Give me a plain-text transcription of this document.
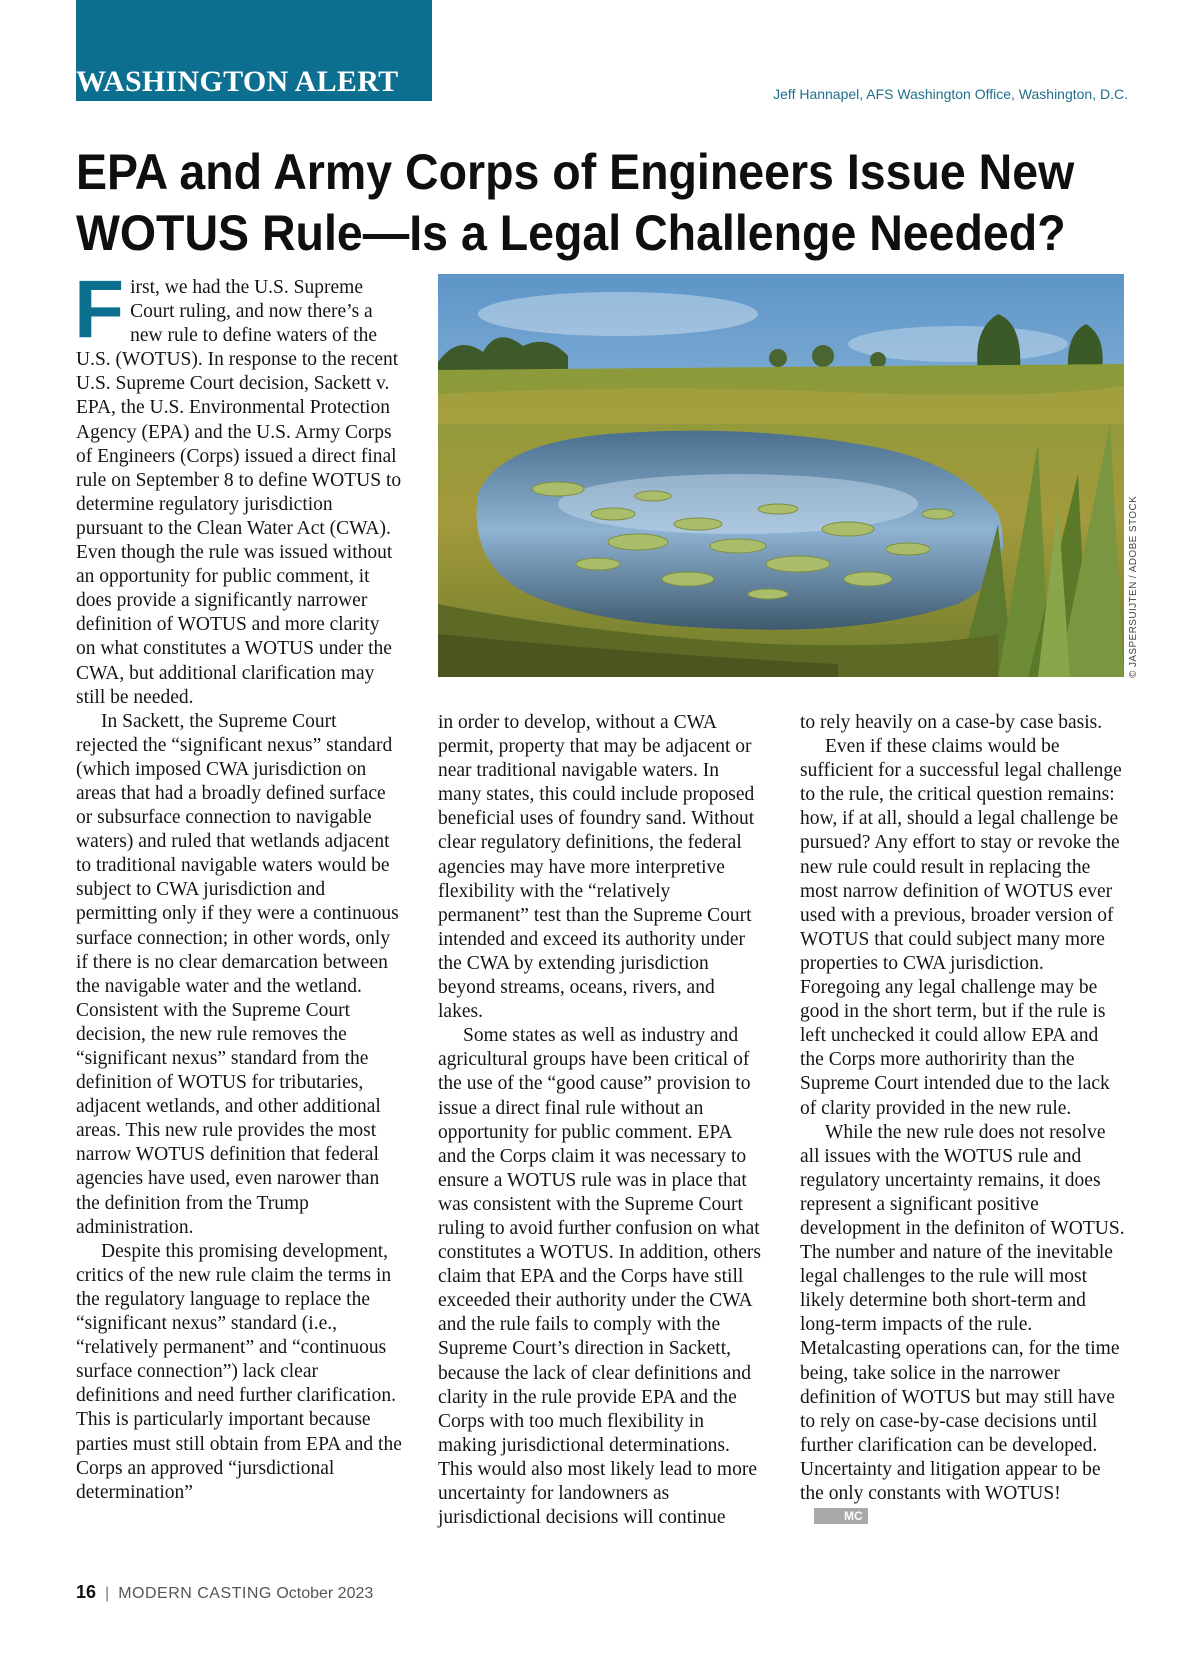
WASHINGTON ALERT	Jeff Hannapel, AFS Washington Office, Washington, D.C.
EPA and Army Corps of Engineers Issue New
WOTUS Rule—Is a Legal Challenge Needed?

First, we had the U.S. Supreme Court ruling, and now there’s a new rule to define waters of the U.S. (WOTUS). In response to the recent U.S. Supreme Court decision, Sackett v. EPA, the U.S. Environmental Protection Agency (EPA) and the U.S. Army Corps of Engineers (Corps) issued a direct final rule on September 8 to define WOTUS to determine regulatory jurisdiction pursuant to the Clean Water Act (CWA). Even though the rule was issued without an opportunity for public comment, it does provide a significantly narrower definition of WOTUS and more clarity on what constitutes a WOTUS under the CWA, but additional clarification may still be needed.

In Sackett, the Supreme Court rejected the “significant nexus” standard (which imposed CWA jurisdiction on areas that had a broadly defined surface or subsurface connection to navigable waters) and ruled that wetlands adjacent to traditional navigable waters would be subject to CWA jurisdiction and permitting only if they were a continuous surface connection; in other words, only if there is no clear demarcation between the navigable water and the wetland. Consistent with the Supreme Court decision, the new rule removes the “significant nexus” standard from the definition of WOTUS for tributaries, adjacent wetlands, and other additional areas. This new rule provides the most narrow WOTUS definition that federal agencies have used, even narower than the definition from the Trump administration.

Despite this promising development, critics of the new rule claim the terms in the regulatory language to replace the “significant nexus” standard (i.e., “relatively permanent” and “continuous surface connection”) lack clear definitions and need further clarification. This is particularly important because parties must still obtain from EPA and the Corps an approved “jursdictional determination”

© JASPERSUIJTEN / ADOBE STOCK

in order to develop, without a CWA permit, property that may be adjacent or near traditional navigable waters. In many states, this could include proposed beneficial uses of foundry sand. Without clear regulatory definitions, the federal agencies may have more interpretive flexibility with the “relatively permanent” test than the Supreme Court intended and exceed its authority under the CWA by extending jurisdiction beyond streams, oceans, rivers, and lakes.

Some states as well as industry and agricultural groups have been critical of the use of the “good cause” provision to issue a direct final rule without an opportunity for public comment. EPA and the Corps claim it was necessary to ensure a WOTUS rule was in place that was consistent with the Supreme Court ruling to avoid further confusion on what constitutes a WOTUS. In addition, others claim that EPA and the Corps have still exceeded their authority under the CWA and the rule fails to comply with the Supreme Court’s direction in Sackett, because the lack of clear definitions and clarity in the rule provide EPA and the Corps with too much flexibility in making jurisdictional determinations. This would also most likely lead to more uncertainty for landowners as jurisdictional decisions will continue

to rely heavily on a case-by case basis.

Even if these claims would be sufficient for a successful legal challenge to the rule, the critical question remains: how, if at all, should a legal challenge be pursued? Any effort to stay or revoke the new rule could result in replacing the most narrow definition of WOTUS ever used with a previous, broader version of WOTUS that could subject many more properties to CWA jurisdiction. Foregoing any legal challenge may be good in the short term, but if the rule is left unchecked it could allow EPA and the Corps more authoririty than the Supreme Court intended due to the lack of clarity provided in the new rule.

While the new rule does not resolve all issues with the WOTUS rule and regulatory uncertainty remains, it does represent a significant positive development in the definiton of WOTUS. The number and nature of the inevitable legal challenges to the rule will most likely determine both short-term and long-term impacts of the rule. Metalcasting operations can, for the time being, take solice in the narrower definition of WOTUS but may still have to rely on case-by-case decisions until further clarification can be developed. Uncertainty and litigation appear to be the only constants with WOTUS!MC

16 | MODERN CASTING October 2023
